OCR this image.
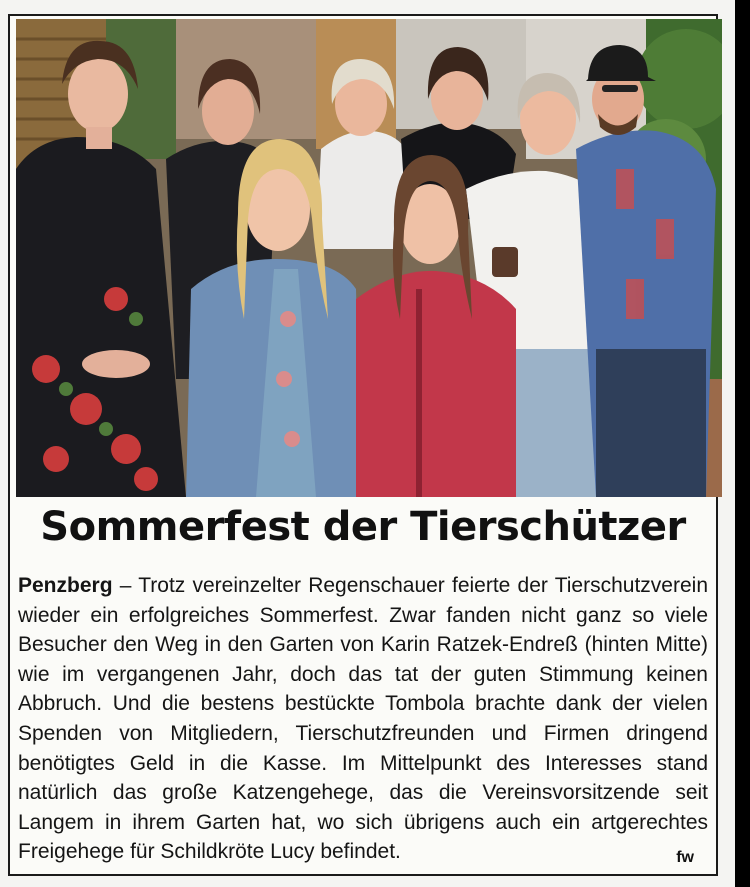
Sommerfest der Tierschützer
Penzberg – Trotz vereinzelter Regenschauer feierte der Tierschutzverein wieder ein erfolgreiches Sommerfest. Zwar fanden nicht ganz so viele Besucher den Weg in den Garten von Karin Ratzek-Endreß (hinten Mitte) wie im vergangenen Jahr, doch das tat der guten Stimmung keinen Abbruch. Und die bestens bestückte Tombola brachte dank der vielen Spenden von Mitgliedern, Tierschutzfreunden und Firmen dringend benötigtes Geld in die Kasse. Im Mittelpunkt des Interesses stand natürlich das große Katzengehege, das die Vereinsvorsitzende seit Langem in ihrem Garten hat, wo sich übrigens auch ein artgerechtes Freigehege für Schildkröte Lucy befindet.	fw
